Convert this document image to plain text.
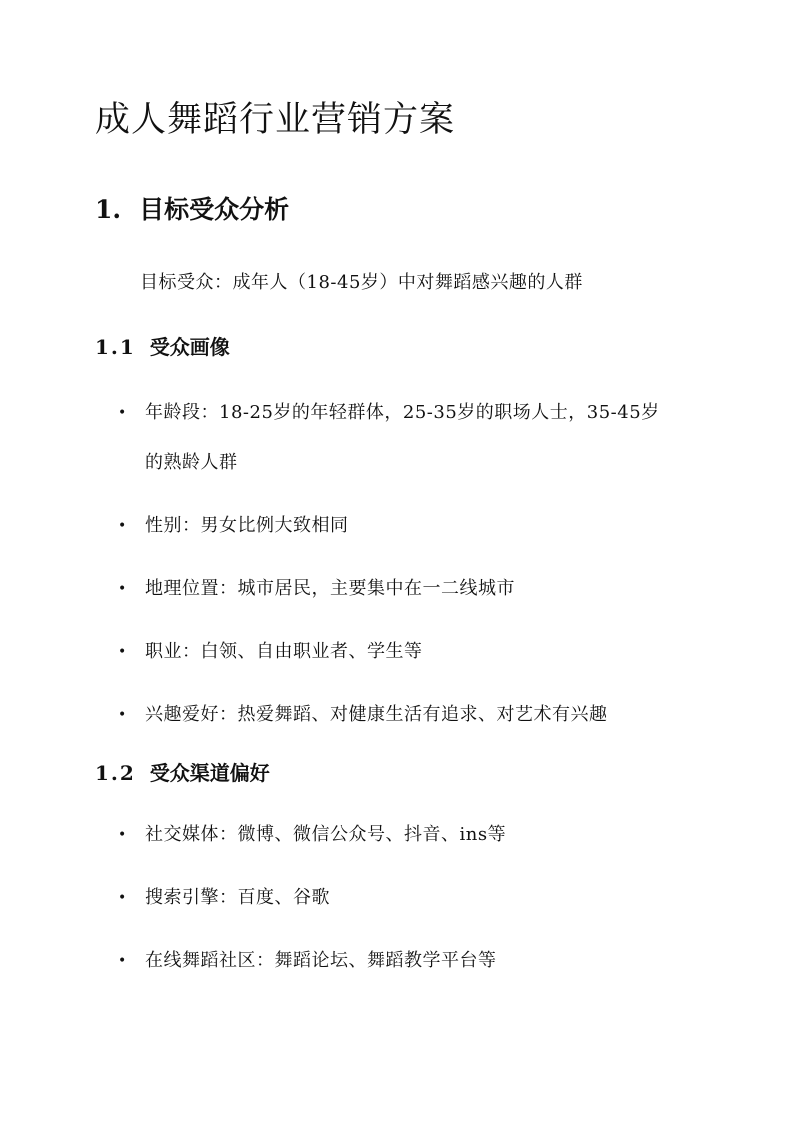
成人舞蹈行业营销方案
1. 目标受众分析

目标受众：成年人（18-45岁）中对舞蹈感兴趣的人群

1.1 受众画像
• 年龄段：18-25岁的年轻群体，25-35岁的职场人士，35-45岁的熟龄人群
• 性别：男女比例大致相同
• 地理位置：城市居民，主要集中在一二线城市
• 职业：白领、自由职业者、学生等
• 兴趣爱好：热爱舞蹈、对健康生活有追求、对艺术有兴趣
1.2 受众渠道偏好
• 社交媒体：微博、微信公众号、抖音、ins等
• 搜索引擎：百度、谷歌
• 在线舞蹈社区：舞蹈论坛、舞蹈教学平台等
